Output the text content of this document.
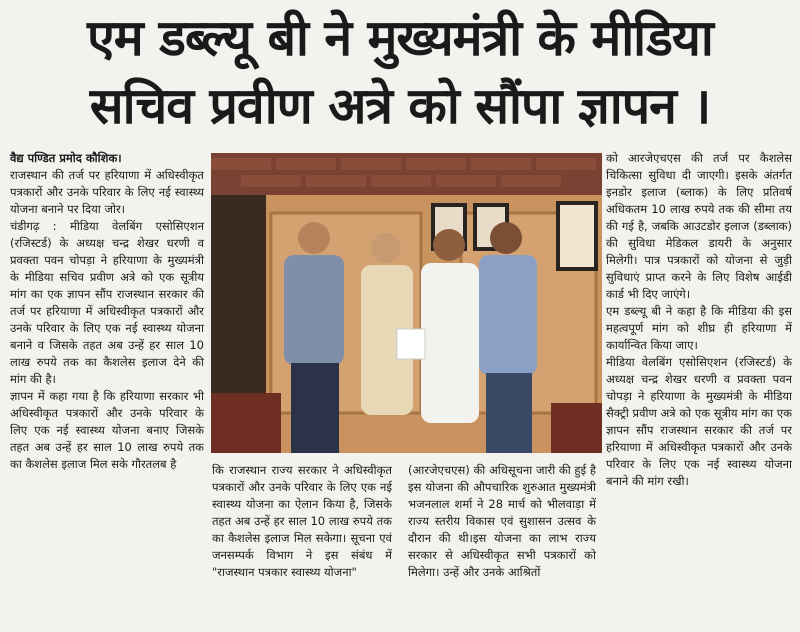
एम डब्ल्यू बी ने मुख्यमंत्री के मीडिया
सचिव प्रवीण अत्रे को सौंपा ज्ञापन ।

वैद्य पण्डित प्रमोद कौशिक।

राजस्थान की तर्ज पर हरियाणा में अधिस्वीकृत पत्रकारों और उनके परिवार के लिए नई स्वास्थ्य योजना बनाने पर दिया जोर।

चंडीगढ़ : मीडिया वेलबिंग एसोसिएशन (रजिस्टर्ड) के अध्यक्ष चन्द्र शेखर धरणी व प्रवक्ता पवन चोपड़ा ने हरियाणा के मुख्यमंत्री के मीडिया सचिव प्रवीण अत्रे को एक सूत्रीय मांग का एक ज्ञापन सौंप राजस्थान सरकार की तर्ज पर हरियाणा में अधिस्वीकृत पत्रकारों और उनके परिवार के लिए एक नई स्वास्थ्य योजना बनाने व जिसके तहत अब उन्हें हर साल 10 लाख रुपये तक का कैशलेस इलाज देने की मांग की है।

ज्ञापन में कहा गया है कि हरियाणा सरकार भी अधिस्वीकृत पत्रकारों और उनके परिवार के लिए एक नई स्वास्थ्य योजना बनाए जिसके तहत अब उन्हें हर साल 10 लाख रुपये तक का कैशलेस इलाज मिल सके गौरतलब है	कि राजस्थान राज्य सरकार ने अधिस्वीकृत पत्रकारों और उनके परिवार के लिए एक नई स्वास्थ्य योजना का ऐलान किया है, जिसके तहत अब उन्हें हर साल 10 लाख रुपये तक का कैशलेस इलाज मिल सकेगा। सूचना एवं जनसम्पर्क विभाग ने इस संबंध में "राजस्थान पत्रकार स्वास्थ्य योजना"

(आरजेएचएस) की अधिसूचना जारी की हुई है इस योजना की औपचारिक शुरुआत मुख्यमंत्री भजनलाल शर्मा ने 28 मार्च को भीलवाड़ा में राज्य स्तरीय विकास एवं सुशासन उत्सव के दौरान की थी।इस योजना का लाभ राज्य सरकार से अधिस्वीकृत सभी पत्रकारों को मिलेगा। उन्हें और उनके आश्रितों

को आरजेएचएस की तर्ज पर कैशलेस चिकित्सा सुविधा दी जाएगी। इसके अंतर्गत इनडोर इलाज (ब्लाक) के लिए प्रतिवर्ष अधिकतम 10 लाख रुपये तक की सीमा तय की गई है, जबकि आउटडोर इलाज (डब्लाक) की सुविधा मेडिकल डायरी के अनुसार मिलेगी। पात्र पत्रकारों को योजना से जुड़ी सुविधाएं प्राप्त करने के लिए विशेष आईडी कार्ड भी दिए जाएंगे।

एम डब्ल्यू बी ने कहा है कि मीडिया की इस महत्वपूर्ण मांग को शीघ्र ही हरियाणा में कार्यान्वित किया जाए।

मीडिया वेलबिंग एसोसिएशन (रजिस्टर्ड) के अध्यक्ष चन्द्र शेखर धरणी व प्रवक्ता पवन चोपड़ा ने हरियाणा के मुख्यमंत्री के मीडिया सैक्ट्री प्रवीण अत्रे को एक सूत्रीय मांग का एक ज्ञापन सौंप राजस्थान सरकार की तर्ज पर हरियाणा में अधिस्वीकृत पत्रकारों और उनके परिवार के लिए एक नई स्वास्थ्य योजना बनाने की मांग रखी।
